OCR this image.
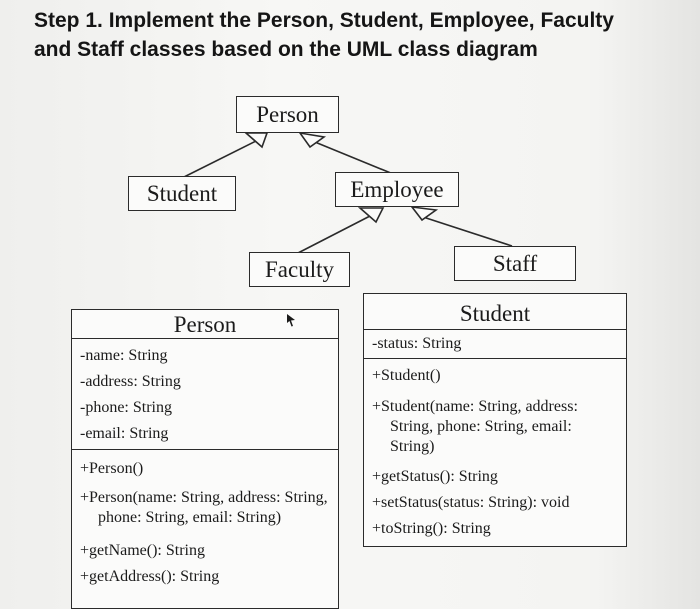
Step 1. Implement the Person, Student, Employee, Faculty
and Staff classes based on the UML class diagram
Person
Student	Employee
Faculty	Staff
Person
-name: String
-address: String
-phone: String
-email: String
+Person()
+Person(name: String, address: String, phone: String, email: String)
+getName(): String
+getAddress(): String
Student
-status: String
+Student()
+Student(name: String, address: String, phone: String, email: String)
+getStatus(): String
+setStatus(status: String): void
+toString(): String
